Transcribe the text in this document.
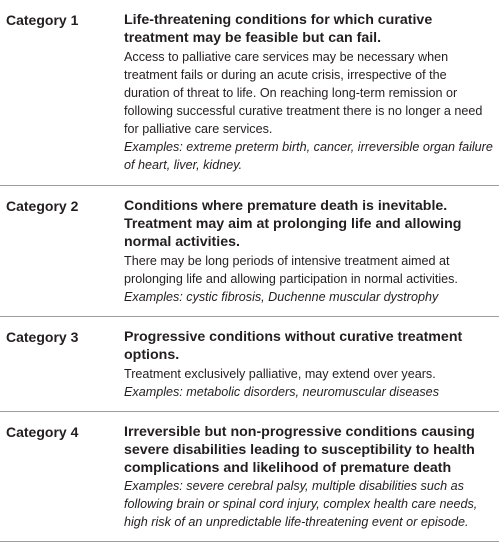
Category 1	Life-threatening conditions for which curative treatment may be feasible but can fail.

Access to palliative care services may be necessary when treatment fails or during an acute crisis, irrespective of the duration of threat to life. On reaching long-term remission or following successful curative treatment there is no longer a need for palliative care services.

Examples: extreme preterm birth, cancer, irreversible organ failure of heart, liver, kidney.

Category 2	Conditions where premature death is inevitable. Treatment may aim at prolonging life and allowing normal activities.

There may be long periods of intensive treatment aimed at prolonging life and allowing participation in normal activities.

Examples: cystic fibrosis, Duchenne muscular dystrophy

Category 3	Progressive conditions without curative treatment options.

Treatment exclusively palliative, may extend over years.

Examples: metabolic disorders, neuromuscular diseases

Category 4	Irreversible but non-progressive conditions causing severe disabilities leading to susceptibility to health complications and likelihood of premature death

Examples: severe cerebral palsy, multiple disabilities such as following brain or spinal cord injury, complex health care needs, high risk of an unpredictable life-threatening event or episode.
